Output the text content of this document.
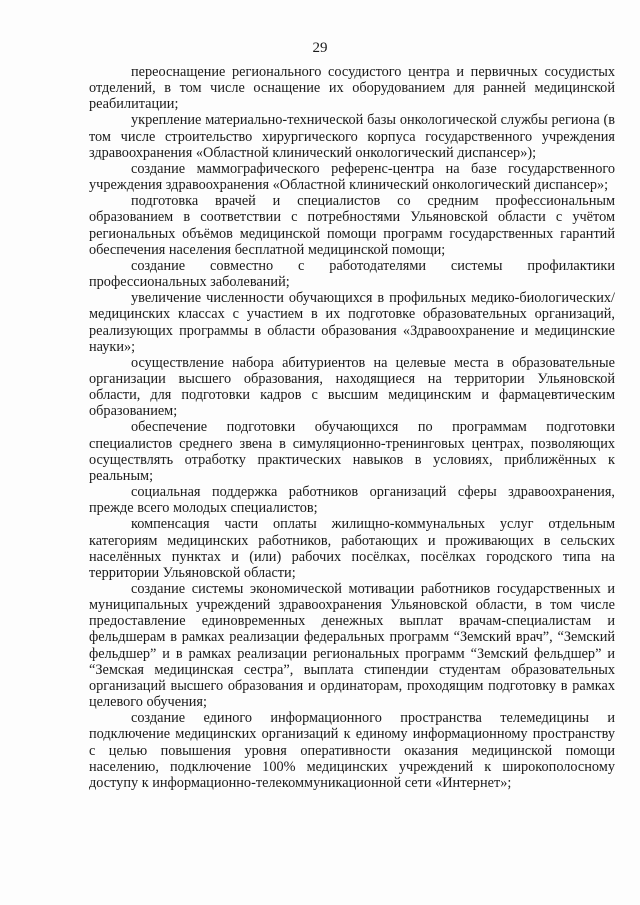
29

переоснащение регионального сосудистого центра и первичных сосудистых отделений, в том числе оснащение их оборудованием для ранней медицинской реабилитации;

укрепление материально-технической базы онкологической службы региона (в том числе строительство хирургического корпуса государственного учреждения здравоохранения «Областной клинический онкологический диспансер»);

создание маммографического референс-центра на базе государственного учреждения здравоохранения «Областной клинический онкологический диспансер»;

подготовка врачей и специалистов со средним профессиональным образованием в соответствии с потребностями Ульяновской области с учётом региональных объёмов медицинской помощи программ государственных гарантий обеспечения населения бесплатной медицинской помощи;

создание совместно с работодателями системы профилактики профессиональных заболеваний;

увеличение численности обучающихся в профильных медико-биологических/медицинских классах с участием в их подготовке образовательных организаций, реализующих программы в области образования «Здравоохранение и медицинские науки»;

осуществление набора абитуриентов на целевые места в образовательные организации высшего образования, находящиеся на территории Ульяновской области, для подготовки кадров с высшим медицинским и фармацевтическим образованием;

обеспечение подготовки обучающихся по программам подготовки специалистов среднего звена в симуляционно-тренинговых центрах, позволяющих осуществлять отработку практических навыков в условиях, приближённых к реальным;

социальная поддержка работников организаций сферы здравоохранения, прежде всего молодых специалистов;

компенсация части оплаты жилищно-коммунальных услуг отдельным категориям медицинских работников, работающих и проживающих в сельских населённых пунктах и (или) рабочих посёлках, посёлках городского типа на территории Ульяновской области;

создание системы экономической мотивации работников государственных и муниципальных учреждений здравоохранения Ульяновской области, в том числе предоставление единовременных денежных выплат врачам-специалистам и фельдшерам в рамках реализации федеральных программ “Земский врач”, “Земский фельдшер” и в рамках реализации региональных программ “Земский фельдшер” и “Земская медицинская сестра”, выплата стипендии студентам образовательных организаций высшего образования и ординаторам, проходящим подготовку в рамках целевого обучения;

создание единого информационного пространства телемедицины и подключение медицинских организаций к единому информационному пространству с целью повышения уровня оперативности оказания медицинской помощи населению, подключение 100% медицинских учреждений к широкополосному доступу к информационно-телекоммуникационной сети «Интернет»;
